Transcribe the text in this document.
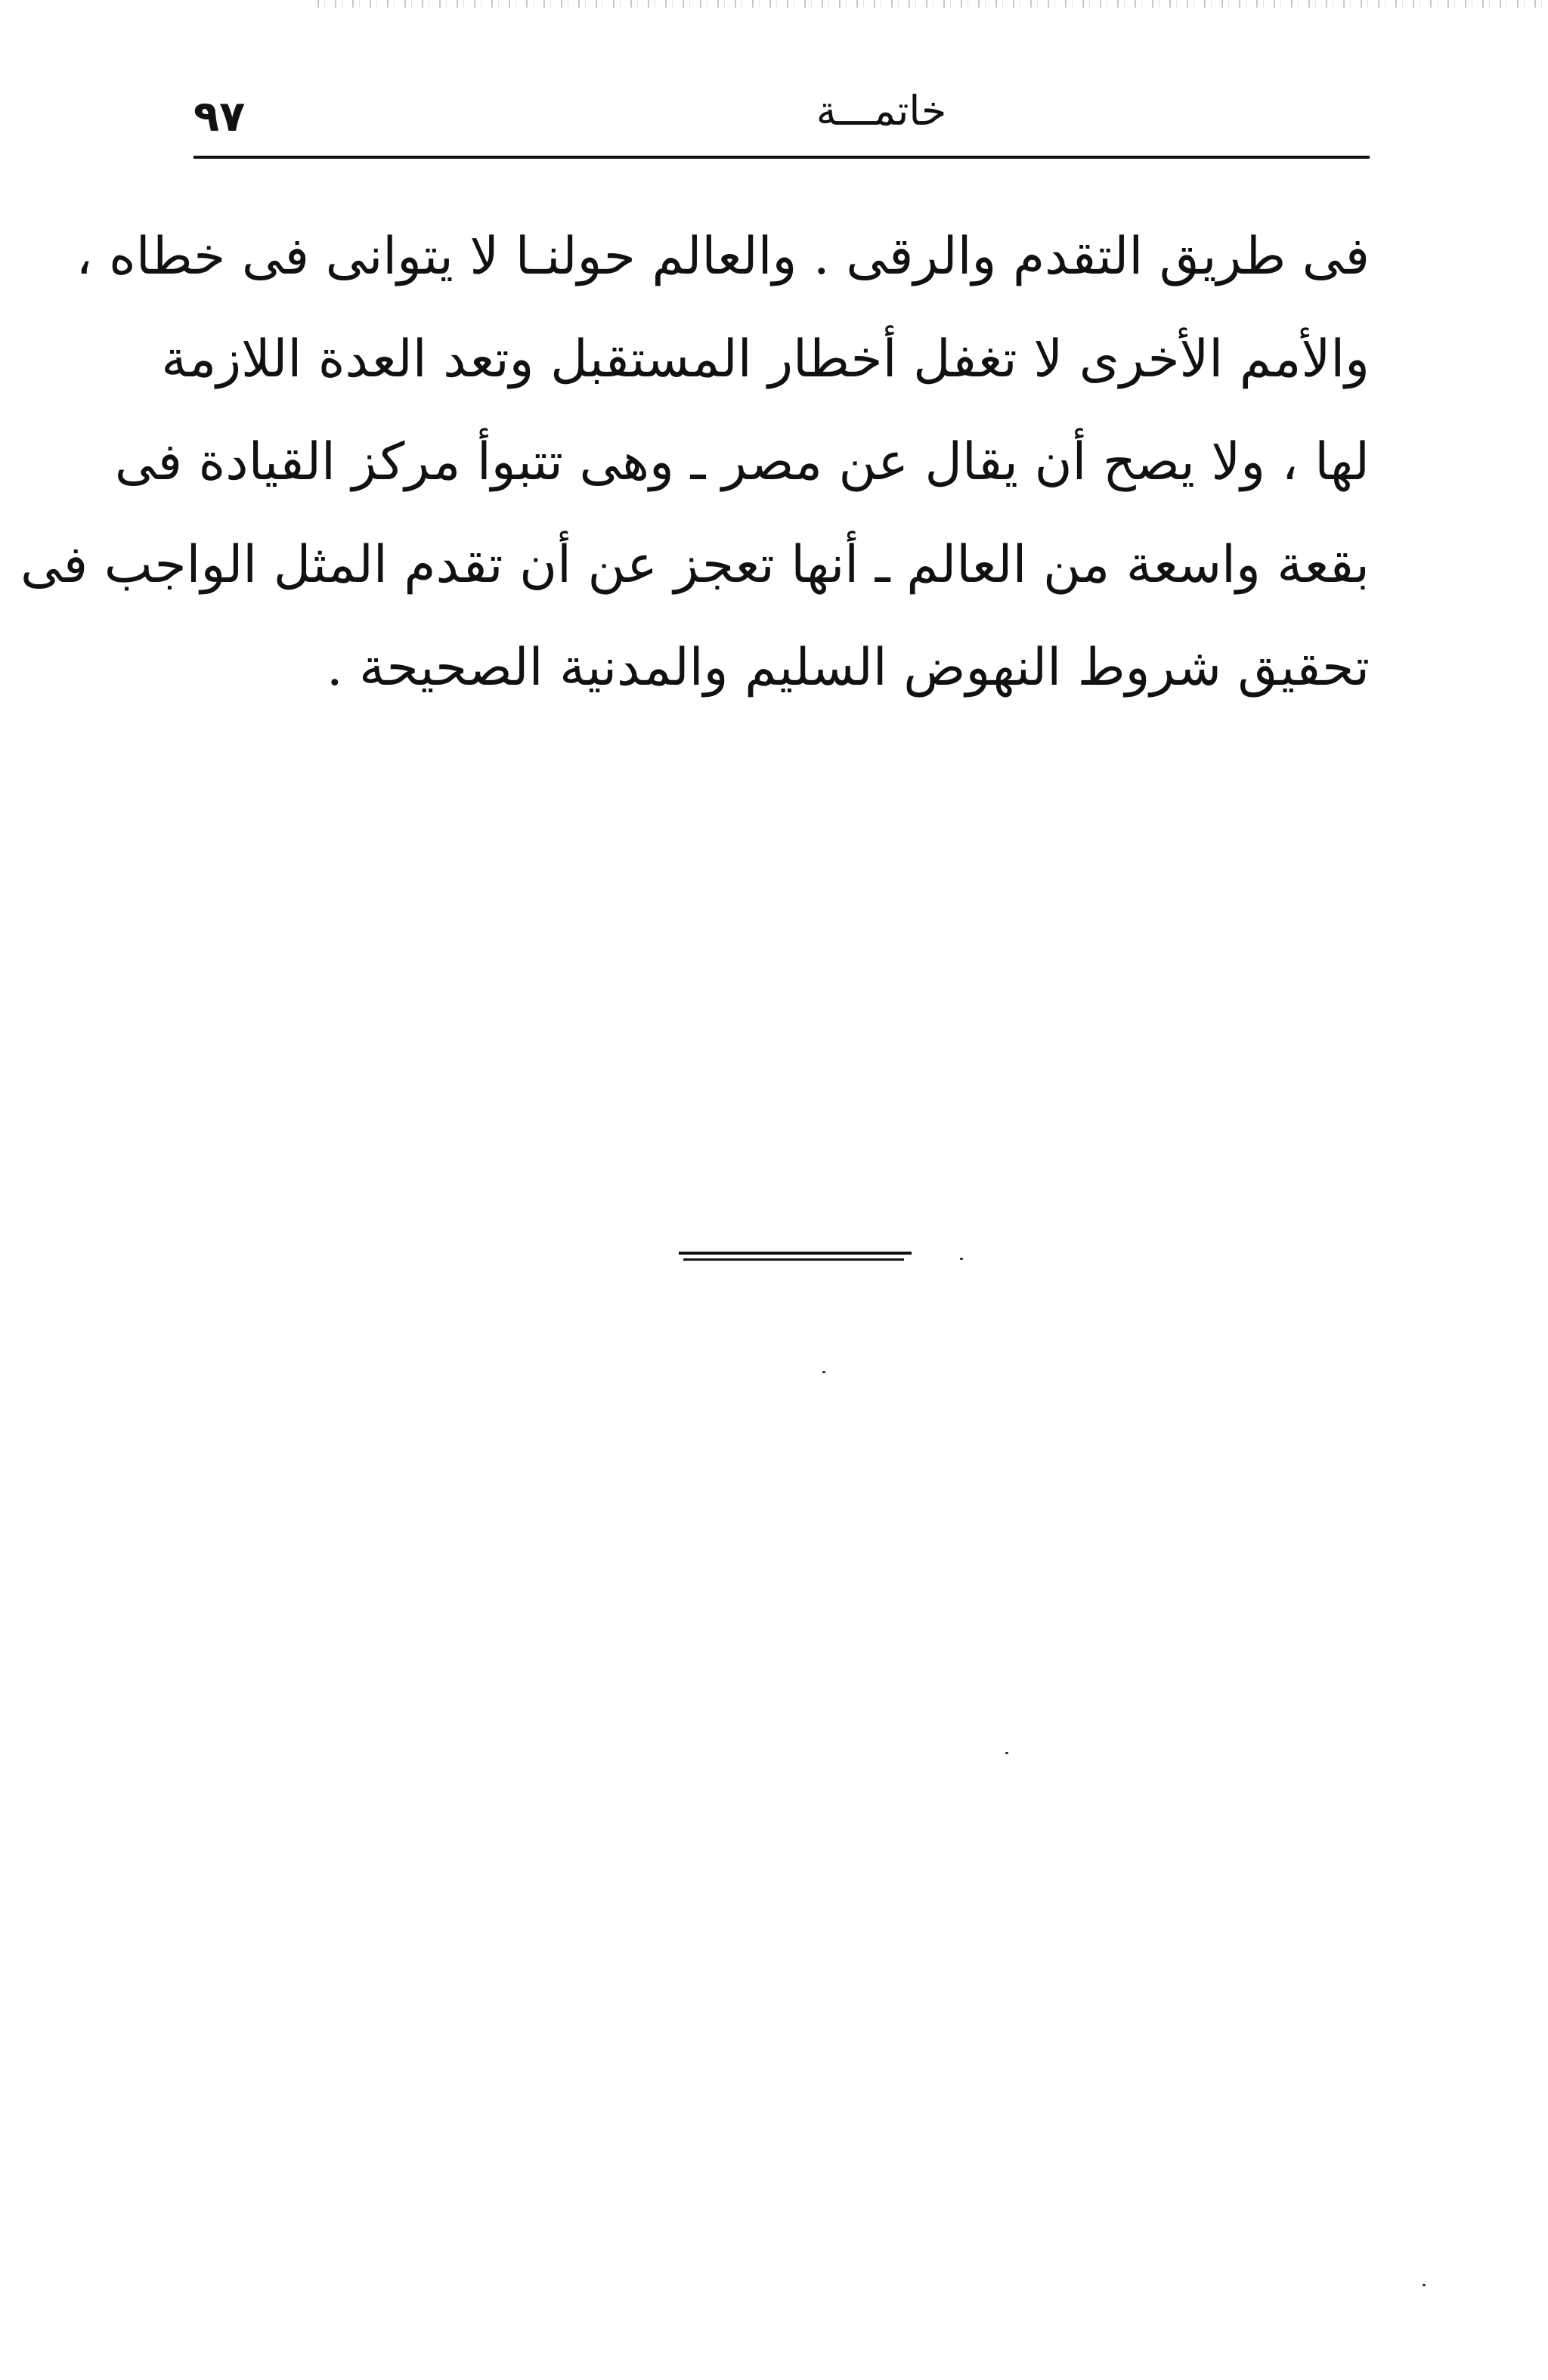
٩٧	خاتمـــة
فى طريق التقدم والرقى . والعالم حولنـا لا يتوانى فى خطاه ،
والأمم الأخرى لا تغفل أخطار المستقبل وتعد العدة اللازمة
لها ، ولا يصح أن يقال عن مصر ـ وهى تتبوأ مركز القيادة فى
بقعة واسعة من العالم ـ أنها تعجز عن أن تقدم المثل الواجب فى
تحقيق شروط النهوض السليم والمدنية الصحيحة .
